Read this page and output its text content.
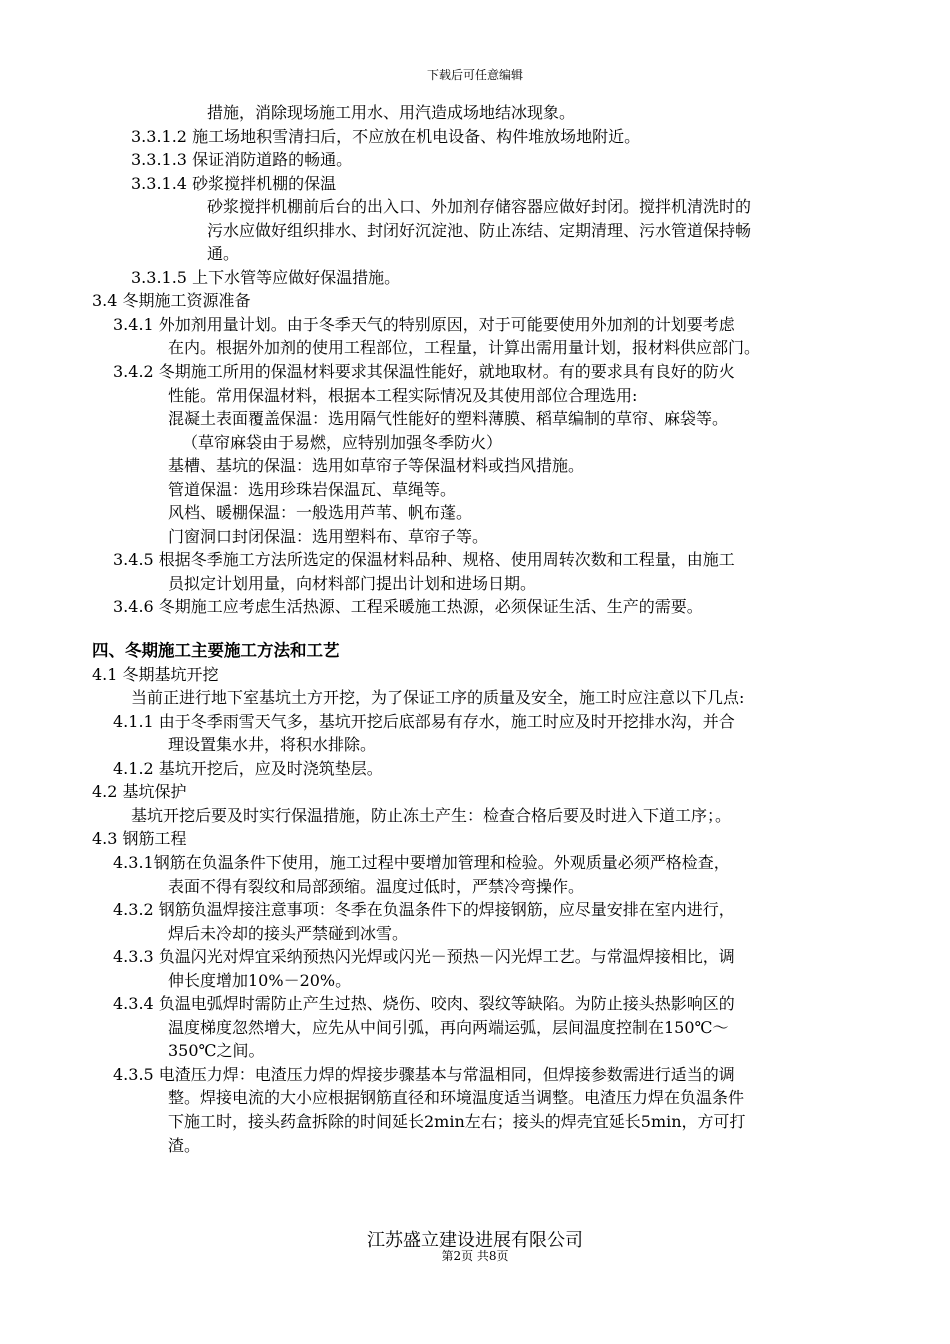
下载后可任意编辑
措施，消除现场施工用水、用汽造成场地结冰现象。
3.3.1.2 施工场地积雪清扫后，不应放在机电设备、构件堆放场地附近。
3.3.1.3 保证消防道路的畅通。
3.3.1.4 砂浆搅拌机棚的保温
砂浆搅拌机棚前后台的出入口、外加剂存储容器应做好封闭。搅拌机清洗时的
污水应做好组织排水、封闭好沉淀池、防止冻结、定期清理、污水管道保持畅
通。
3.3.1.5 上下水管等应做好保温措施。
3.4 冬期施工资源准备
3.4.1 外加剂用量计划。由于冬季天气的特别原因，对于可能要使用外加剂的计划要考虑
在内。根据外加剂的使用工程部位，工程量，计算出需用量计划，报材料供应部门。
3.4.2 冬期施工所用的保温材料要求其保温性能好，就地取材。有的要求具有良好的防火
性能。常用保温材料，根据本工程实际情况及其使用部位合理选用:
混凝土表面覆盖保温：选用隔气性能好的塑料薄膜、稻草编制的草帘、麻袋等。
（草帘麻袋由于易燃，应特别加强冬季防火）
基槽、基坑的保温：选用如草帘子等保温材料或挡风措施。
管道保温：选用珍珠岩保温瓦、草绳等。
风档、暖棚保温：一般选用芦苇、帆布蓬。
门窗洞口封闭保温：选用塑料布、草帘子等。
3.4.5 根据冬季施工方法所选定的保温材料品种、规格、使用周转次数和工程量，由施工
员拟定计划用量，向材料部门提出计划和进场日期。
3.4.6 冬期施工应考虑生活热源、工程采暖施工热源，必须保证生活、生产的需要。
四、冬期施工主要施工方法和工艺
4.1 冬期基坑开挖
当前正进行地下室基坑土方开挖，为了保证工序的质量及安全，施工时应注意以下几点:
4.1.1 由于冬季雨雪天气多，基坑开挖后底部易有存水，施工时应及时开挖排水沟，并合
理设置集水井，将积水排除。
4.1.2 基坑开挖后，应及时浇筑垫层。
4.2 基坑保护
基坑开挖后要及时实行保温措施，防止冻土产生：检查合格后要及时进入下道工序；。
4.3 钢筋工程
4.3.1钢筋在负温条件下使用，施工过程中要增加管理和检验。外观质量必须严格检查，
表面不得有裂纹和局部颈缩。温度过低时，严禁冷弯操作。
4.3.2 钢筋负温焊接注意事项：冬季在负温条件下的焊接钢筋，应尽量安排在室内进行，
焊后未冷却的接头严禁碰到冰雪。
4.3.3 负温闪光对焊宜采纳预热闪光焊或闪光－预热－闪光焊工艺。与常温焊接相比，调
伸长度增加10%－20%。
4.3.4 负温电弧焊时需防止产生过热、烧伤、咬肉、裂纹等缺陷。为防止接头热影响区的
温度梯度忽然增大，应先从中间引弧，再向两端运弧，层间温度控制在150℃～
350℃之间。
4.3.5 电渣压力焊：电渣压力焊的焊接步骤基本与常温相同，但焊接参数需进行适当的调
整。焊接电流的大小应根据钢筋直径和环境温度适当调整。电渣压力焊在负温条件
下施工时，接头药盒拆除的时间延长2min左右；接头的焊壳宜延长5min，方可打
渣。
江苏盛立建设进展有限公司
第2页 共8页
